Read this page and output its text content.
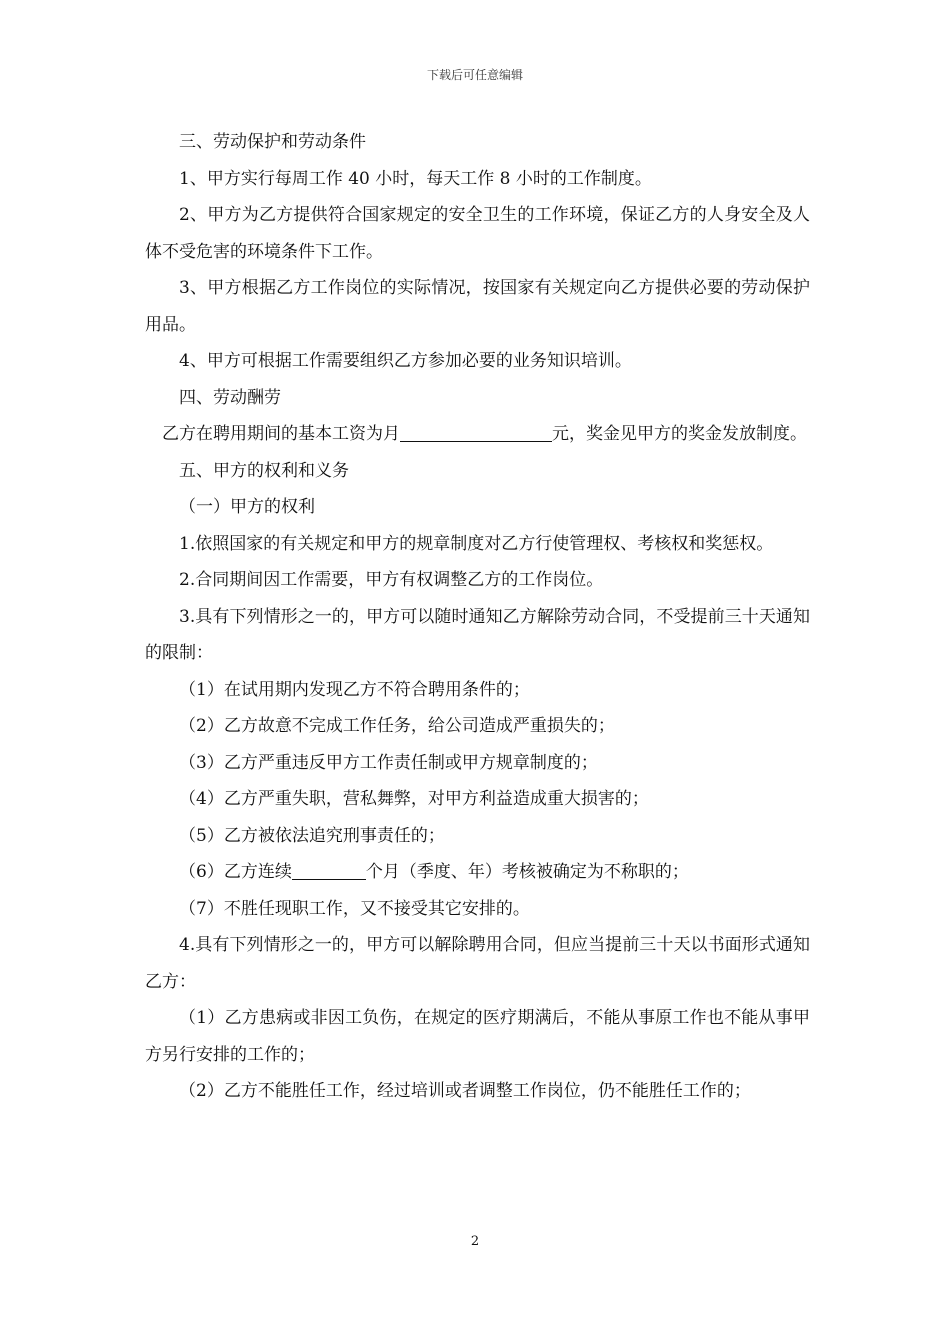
下载后可任意编辑

三、劳动保护和劳动条件

1、甲方实行每周工作 40 小时，每天工作 8 小时的工作制度。

2、甲方为乙方提供符合国家规定的安全卫生的工作环境，保证乙方的人身安全及人体不受危害的环境条件下工作。

3、甲方根据乙方工作岗位的实际情况，按国家有关规定向乙方提供必要的劳动保护用品。

4、甲方可根据工作需要组织乙方参加必要的业务知识培训。

四、劳动酬劳

乙方在聘用期间的基本工资为月	元，奖金见甲方的奖金发放制度。

五、甲方的权利和义务

（一）甲方的权利

1.依照国家的有关规定和甲方的规章制度对乙方行使管理权、考核权和奖惩权。

2.合同期间因工作需要，甲方有权调整乙方的工作岗位。

3.具有下列情形之一的，甲方可以随时通知乙方解除劳动合同，不受提前三十天通知的限制：

（1）在试用期内发现乙方不符合聘用条件的；

（2）乙方故意不完成工作任务，给公司造成严重损失的；

（3）乙方严重违反甲方工作责任制或甲方规章制度的；

（4）乙方严重失职，营私舞弊，对甲方利益造成重大损害的；

（5）乙方被依法追究刑事责任的；

（6）乙方连续	个月（季度、年）考核被确定为不称职的；

（7）不胜任现职工作，又不接受其它安排的。

4.具有下列情形之一的，甲方可以解除聘用合同，但应当提前三十天以书面形式通知乙方：

（1）乙方患病或非因工负伤，在规定的医疗期满后，不能从事原工作也不能从事甲方另行安排的工作的；

（2）乙方不能胜任工作，经过培训或者调整工作岗位，仍不能胜任工作的；

2
